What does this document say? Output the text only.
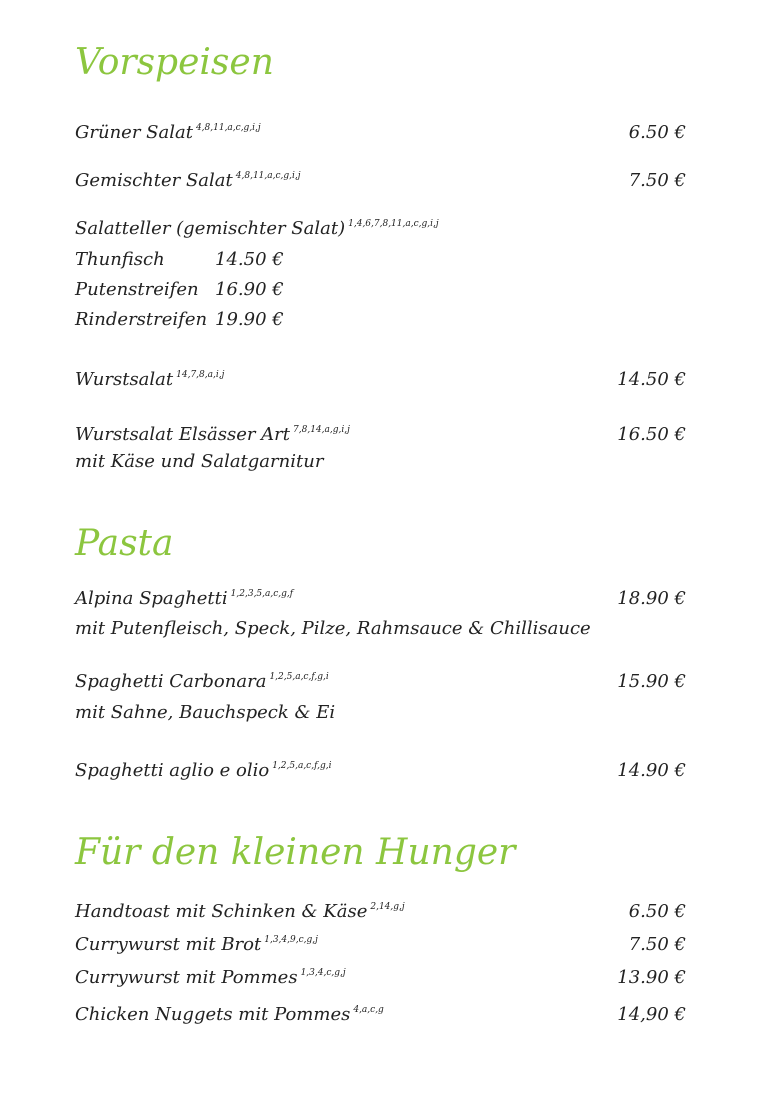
Vorspeisen
Grüner Salat $^{4,8,11,a,c,g,i,j}$	6.50 €
Gemischter Salat $^{4,8,11,a,c,g,i,j}$	7.50 €
Salatteller (gemischter Salat) $^{1,4,6,7,8,11,a,c,g,i,j}$
Thunfisch	14.50 €
Putenstreifen 16.90 €
Rinderstreifen 19.90 €
Wurstsalat $^{14,7,8,a,i,j}$	14.50 €
Wurstsalat Elsässer Art $^{7,8,14,a,g,i,j}$	16.50 €
mit Käse und Salatgarnitur
Pasta
Alpina Spaghetti $^{1,2,3,5,a,c,g,f}$	18.90 €
mit Putenfleisch, Speck, Pilze, Rahmsauce & Chillisauce
Spaghetti Carbonara $^{1,2,5,a,c,f,g,i}$	15.90 €
mit Sahne, Bauchspeck & Ei
Spaghetti aglio e olio $^{1,2,5,a,c,f,g,i}$	14.90 €
Für den kleinen Hunger
Handtoast mit Schinken & Käse $^{2,14,g,j}$	6.50 €
Currywurst mit Brot $^{1,3,4,9,c,g,j}$	7.50 €
Currywurst mit Pommes $^{1,3,4,c,g,j}$	13.90 €
Chicken Nuggets mit Pommes $^{4,a,c,g}$	14,90 €
